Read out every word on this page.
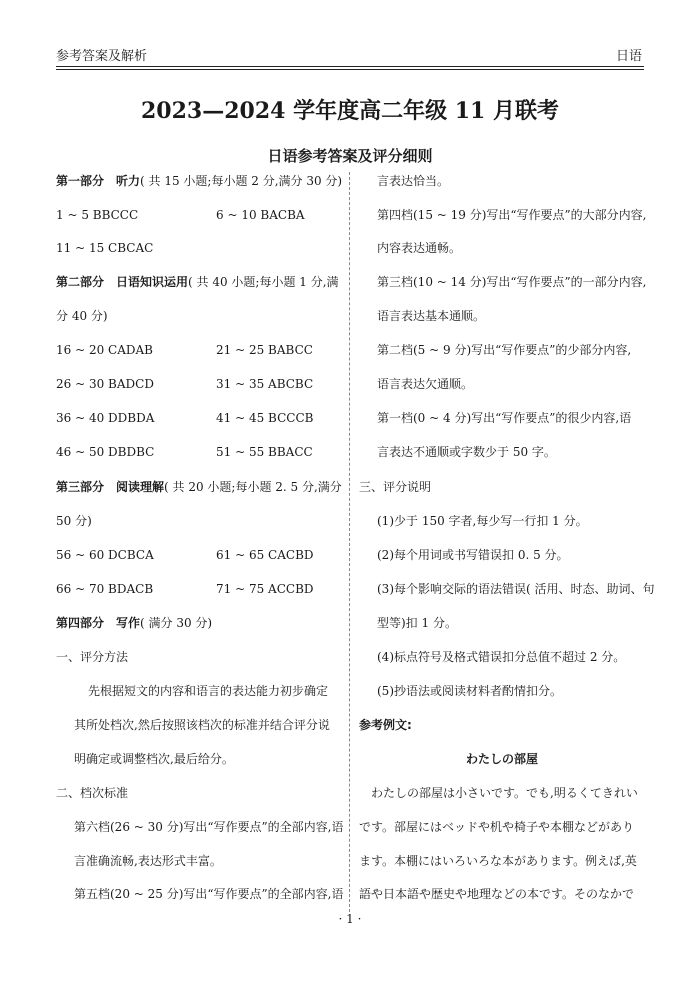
参考答案及解析	日语
2023—2024 学年度高二年级 11 月联考
日语参考答案及评分细则
第一部分　听力( 共 15 小题;每小题 2 分,满分 30 分)
1 ~ 5 BBCCC	6 ~ 10 BACBA
11 ~ 15 CBCAC
第二部分　日语知识运用( 共 40 小题;每小题 1 分,满
分 40 分)
16 ~ 20 CADAB	21 ~ 25 BABCC
26 ~ 30 BADCD	31 ~ 35 ABCBC
36 ~ 40 DDBDA	41 ~ 45 BCCCB
46 ~ 50 DBDBC	51 ~ 55 BBACC
第三部分　阅读理解( 共 20 小题;每小题 2. 5 分,满分
50 分)
56 ~ 60 DCBCA	61 ~ 65 CACBD
66 ~ 70 BDACB	71 ~ 75 ACCBD
第四部分　写作( 满分 30 分)
一、评分方法
先根据短文的内容和语言的表达能力初步确定
其所处档次,然后按照该档次的标准并结合评分说
明确定或调整档次,最后给分。
二、档次标准
第六档(26 ~ 30 分)写出“写作要点”的全部内容,语
言准确流畅,表达形式丰富。
第五档(20 ~ 25 分)写出“写作要点”的全部内容,语
言表达恰当。
第四档(15 ~ 19 分)写出“写作要点”的大部分内容,
内容表达通畅。
第三档(10 ~ 14 分)写出“写作要点”的一部分内容,
语言表达基本通顺。
第二档(5 ~ 9 分)写出“写作要点”的少部分内容,
语言表达欠通顺。
第一档(0 ~ 4 分)写出“写作要点”的很少内容,语
言表达不通顺或字数少于 50 字。
三、评分说明
(1)少于 150 字者,每少写一行扣 1 分。
(2)每个用词或书写错误扣 0. 5 分。
(3)每个影响交际的语法错误( 活用、时态、助词、句
型等)扣 1 分。
(4)标点符号及格式错误扣分总值不超过 2 分。
(5)抄语法或阅读材料者酌情扣分。
参考例文:
わたしの部屋
わたしの部屋は小さいです。でも,明るくてきれい
です。部屋にはベッドや机や椅子や本棚などがあり
ます。本棚にはいろいろな本があります。例えば,英
語や日本語や歴史や地理などの本です。そのなかで
· 1 ·
